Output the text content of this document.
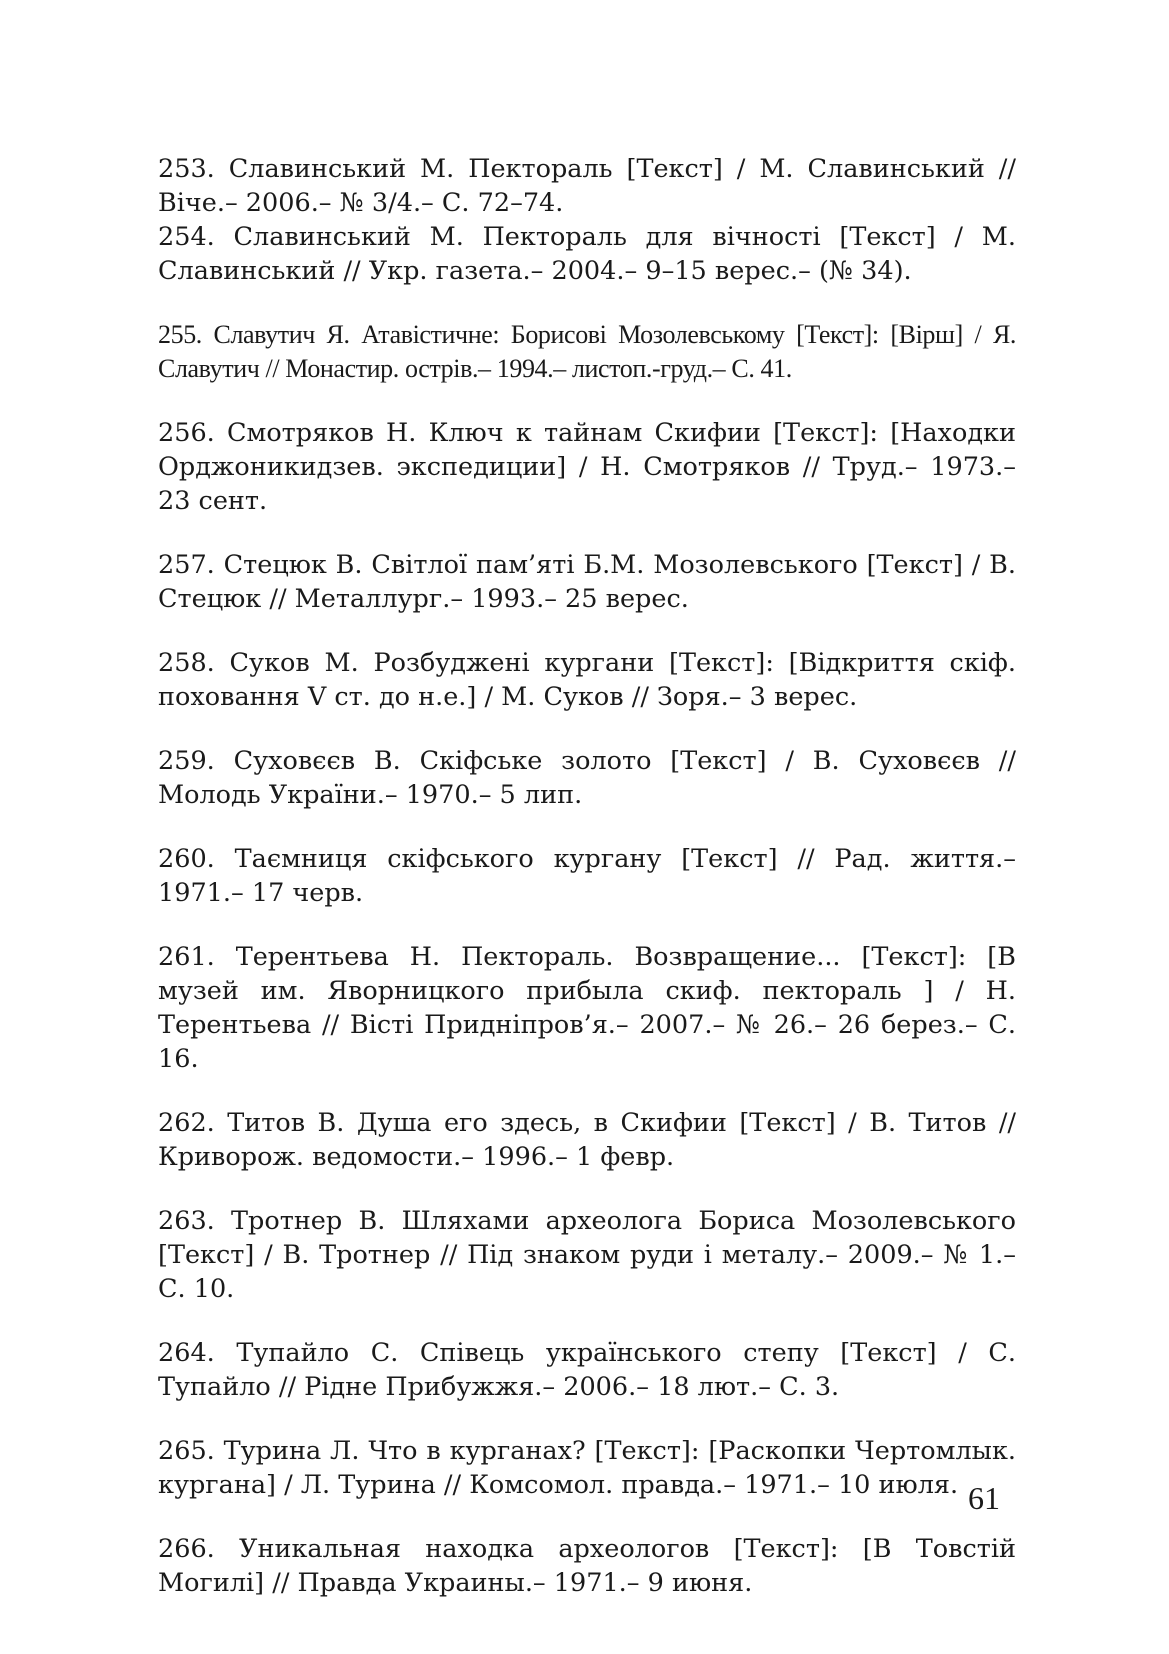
253. Славинський М. Пектораль [Текст] / М. Славинський // Віче.– 2006.– № 3/4.– С. 72–74.

254. Славинський М. Пектораль для вічності [Текст] / М. Славинський // Укр. газета.– 2004.– 9–15 верес.– (№ 34).

255. Славутич Я. Атавістичне: Борисові Мозолевському [Текст]: [Вірш] / Я. Славутич // Монастир. острів.– 1994.– листоп.-груд.– С. 41.

256. Смотряков Н. Ключ к тайнам Скифии [Текст]: [Находки Орджоникидзев. экспедиции] / Н. Смотряков // Труд.– 1973.– 23 сент.

257. Стецюк В. Світлої пам’яті Б.М. Мозолевського [Текст] / В. Стецюк // Металлург.– 1993.– 25 верес.

258. Суков М. Розбуджені кургани [Текст]: [Відкриття скіф. поховання V ст. до н.е.] / М. Суков // Зоря.– 3 верес.

259. Суховєєв В. Скіфське золото [Текст] / В. Суховєєв // Молодь України.– 1970.– 5 лип.

260. Таємниця скіфського кургану [Текст] // Рад. життя.– 1971.– 17 черв.

261. Терентьева Н. Пектораль. Возвращение... [Текст]: [В музей им. Яворницкого прибыла скиф. пектораль ] / Н. Терентьева // Вісті Придніпров’я.– 2007.– № 26.– 26 берез.– С. 16.

262. Титов В. Душа его здесь, в Скифии [Текст] / В. Титов // Криворож. ведомости.– 1996.– 1 февр.

263. Тротнер В. Шляхами археолога Бориса Мозолевського [Текст] / В. Тротнер // Під знаком руди і металу.– 2009.– № 1.– С. 10.

264. Тупайло С. Співець українського степу [Текст] / С. Тупайло // Рідне Прибужжя.– 2006.– 18 лют.– С. 3.

265. Турина Л. Что в курганах? [Текст]: [Раскопки Чертомлык. кургана] / Л. Турина // Комсомол. правда.– 1971.– 10 июля.

266. Уникальная находка археологов [Текст]: [В Товстій Могилі] // Правда Украины.– 1971.– 9 июня.

61
